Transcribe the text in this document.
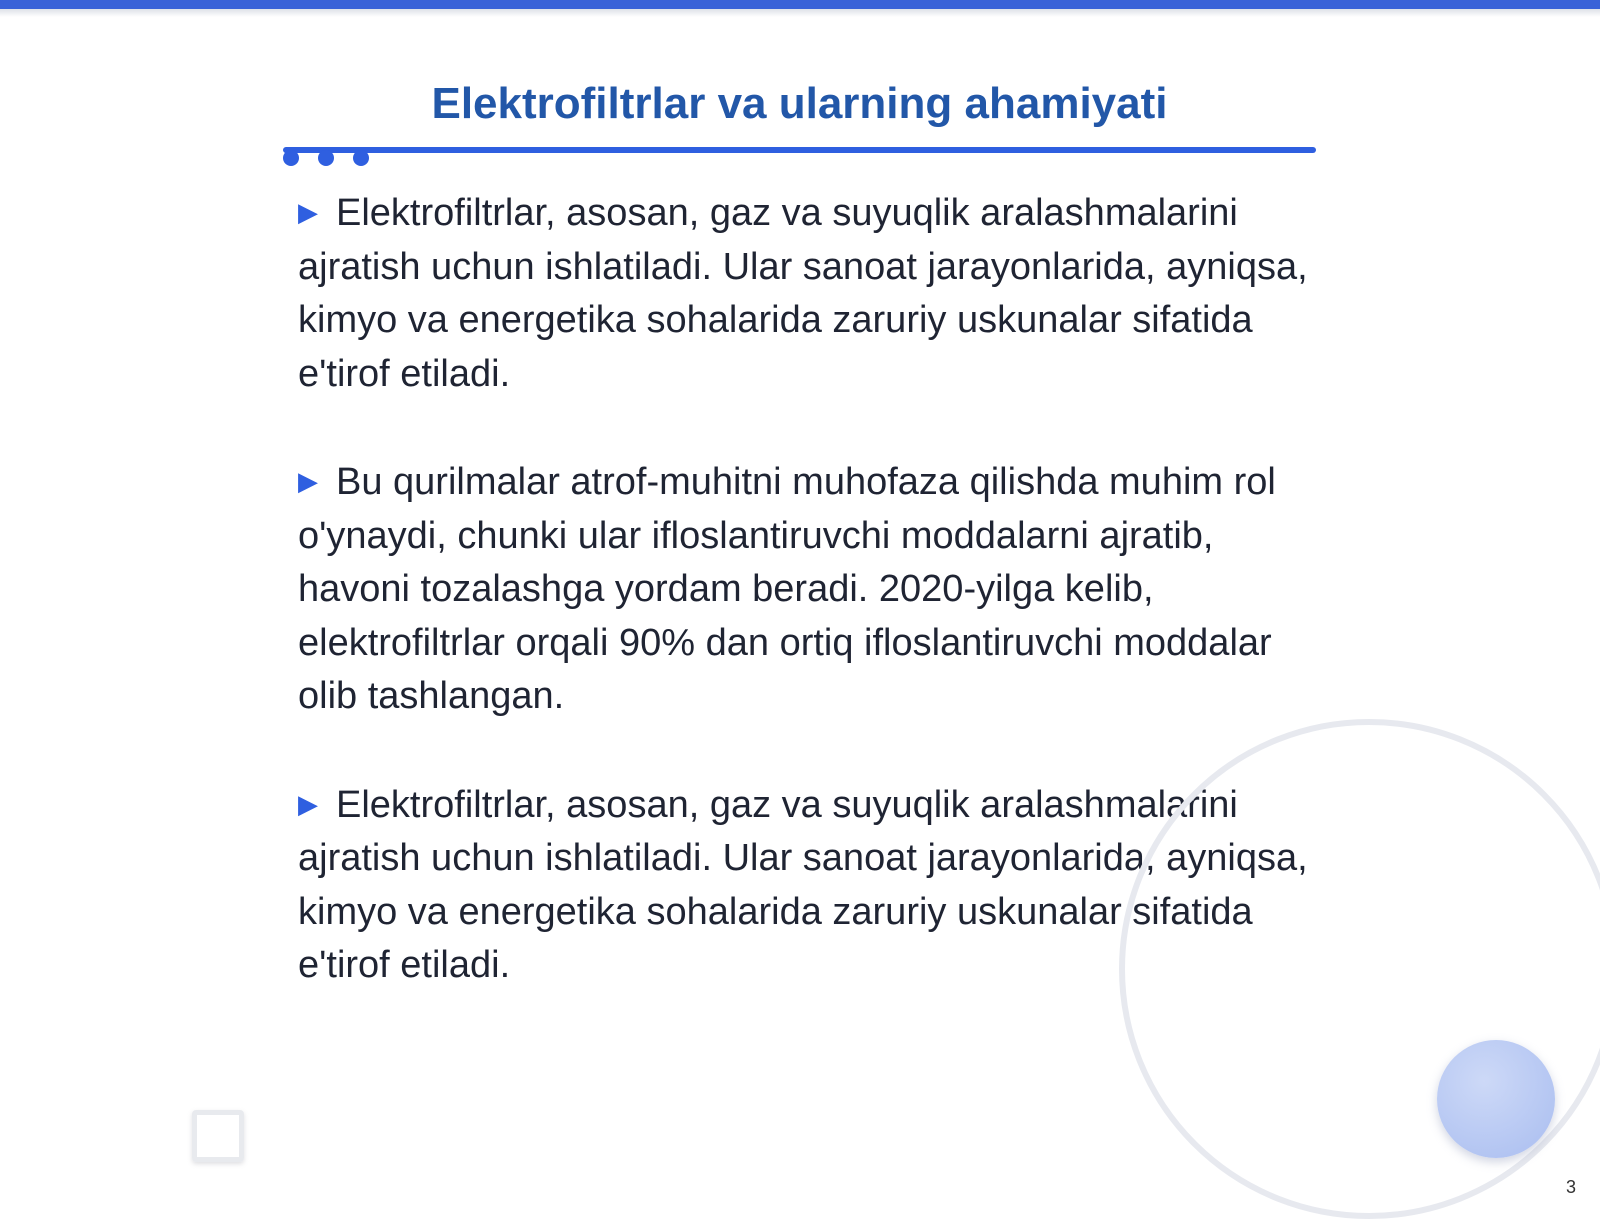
Elektrofiltrlar va ularning ahamiyati

▶ Elektrofiltrlar, asosan, gaz va suyuqlik aralashmalarini ajratish uchun ishlatiladi. Ular sanoat jarayonlarida, ayniqsa, kimyo va energetika sohalarida zaruriy uskunalar sifatida e'tirof etiladi.

▶ Bu qurilmalar atrof-muhitni muhofaza qilishda muhim rol o'ynaydi, chunki ular ifloslantiruvchi moddalarni ajratib, havoni tozalashga yordam beradi. 2020-yilga kelib, elektrofiltrlar orqali 90% dan ortiq ifloslantiruvchi moddalar olib tashlangan.

▶ Elektrofiltrlar, asosan, gaz va suyuqlik aralashmalarini ajratish uchun ishlatiladi. Ular sanoat jarayonlarida, ayniqsa, kimyo va energetika sohalarida zaruriy uskunalar sifatida e'tirof etiladi.

3
